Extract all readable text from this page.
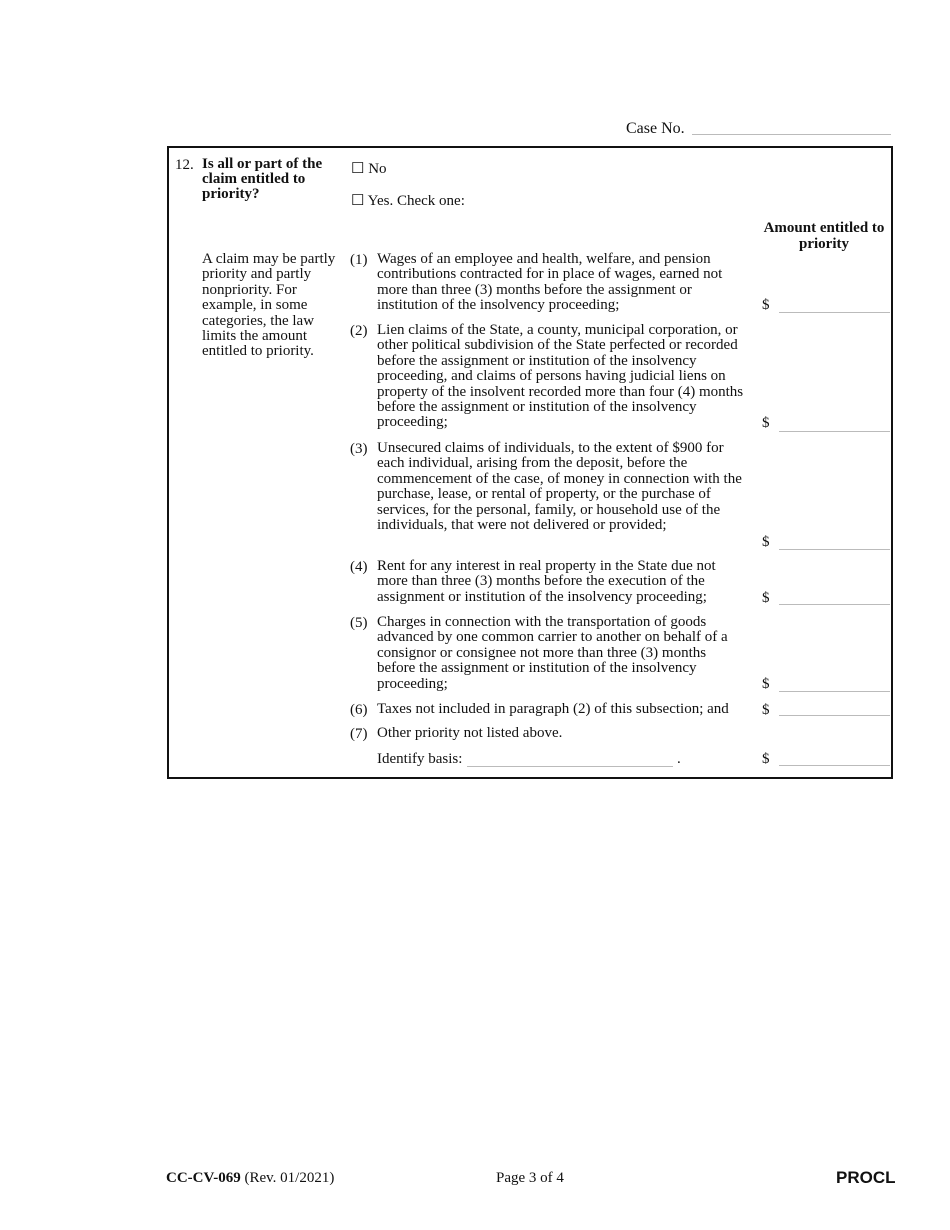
Case No.
12. Is all or part of the claim entitled to priority?
A claim may be partly priority and partly nonpriority. For example, in some categories, the law limits the amount entitled to priority.
☐ No
☐ Yes. Check one:
Amount entitled to priority
(1) Wages of an employee and health, welfare, and pension contributions contracted for in place of wages, earned not more than three (3) months before the assignment or institution of the insolvency proceeding;	$
(2) Lien claims of the State, a county, municipal corporation, or other political subdivision of the State perfected or recorded before the assignment or institution of the insolvency proceeding, and claims of persons having judicial liens on property of the insolvent recorded more than four (4) months before the assignment or institution of the insolvency proceeding;	$
(3) Unsecured claims of individuals, to the extent of $900 for each individual, arising from the deposit, before the commencement of the case, of money in connection with the purchase, lease, or rental of property, or the purchase of services, for the personal, family, or household use of the individuals, that were not delivered or provided;
$
(4) Rent for any interest in real property in the State due not more than three (3) months before the execution of the assignment or institution of the insolvency proceeding;	$
(5) Charges in connection with the transportation of goods advanced by one common carrier to another on behalf of a consignor or consignee not more than three (3) months before the assignment or institution of the insolvency proceeding;	$
(6) Taxes not included in paragraph (2) of this subsection; and	$
(7) Other priority not listed above.
Identify basis:	.	$
CC-CV-069 (Rev. 01/2021)	Page 3 of 4	PROCL
